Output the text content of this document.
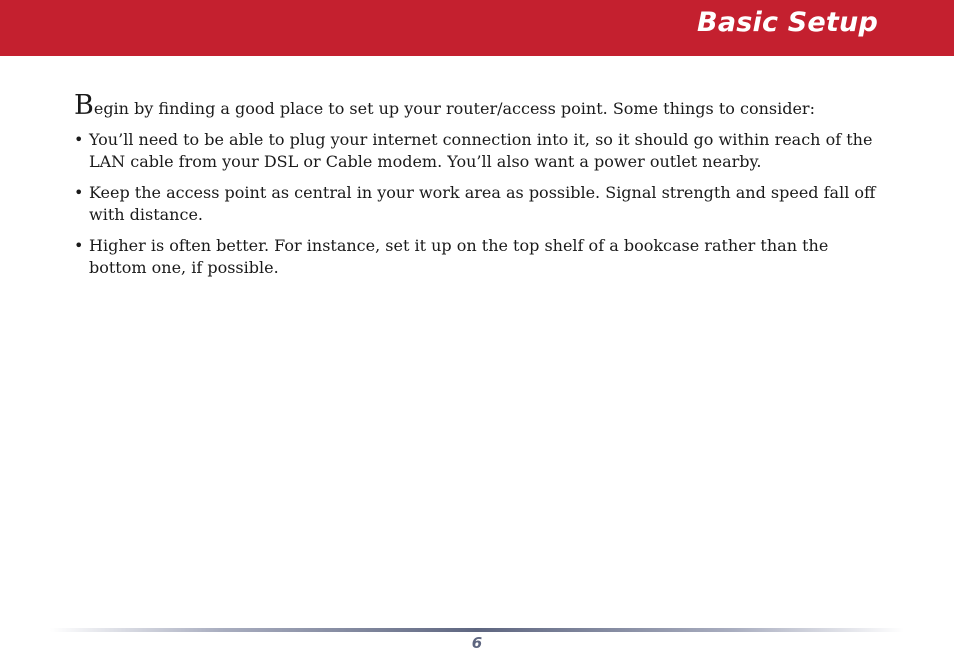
Basic Setup

Begin by finding a good place to set up your router/access point. Some things to consider:

• You’ll need to be able to plug your internet connection into it, so it should go within reach of the LAN cable from your DSL or Cable modem. You’ll also want a power outlet nearby.
• Keep the access point as central in your work area as possible. Signal strength and speed fall off with distance.
• Higher is often better. For instance, set it up on the top shelf of a bookcase rather than the bottom one, if possible.
6
